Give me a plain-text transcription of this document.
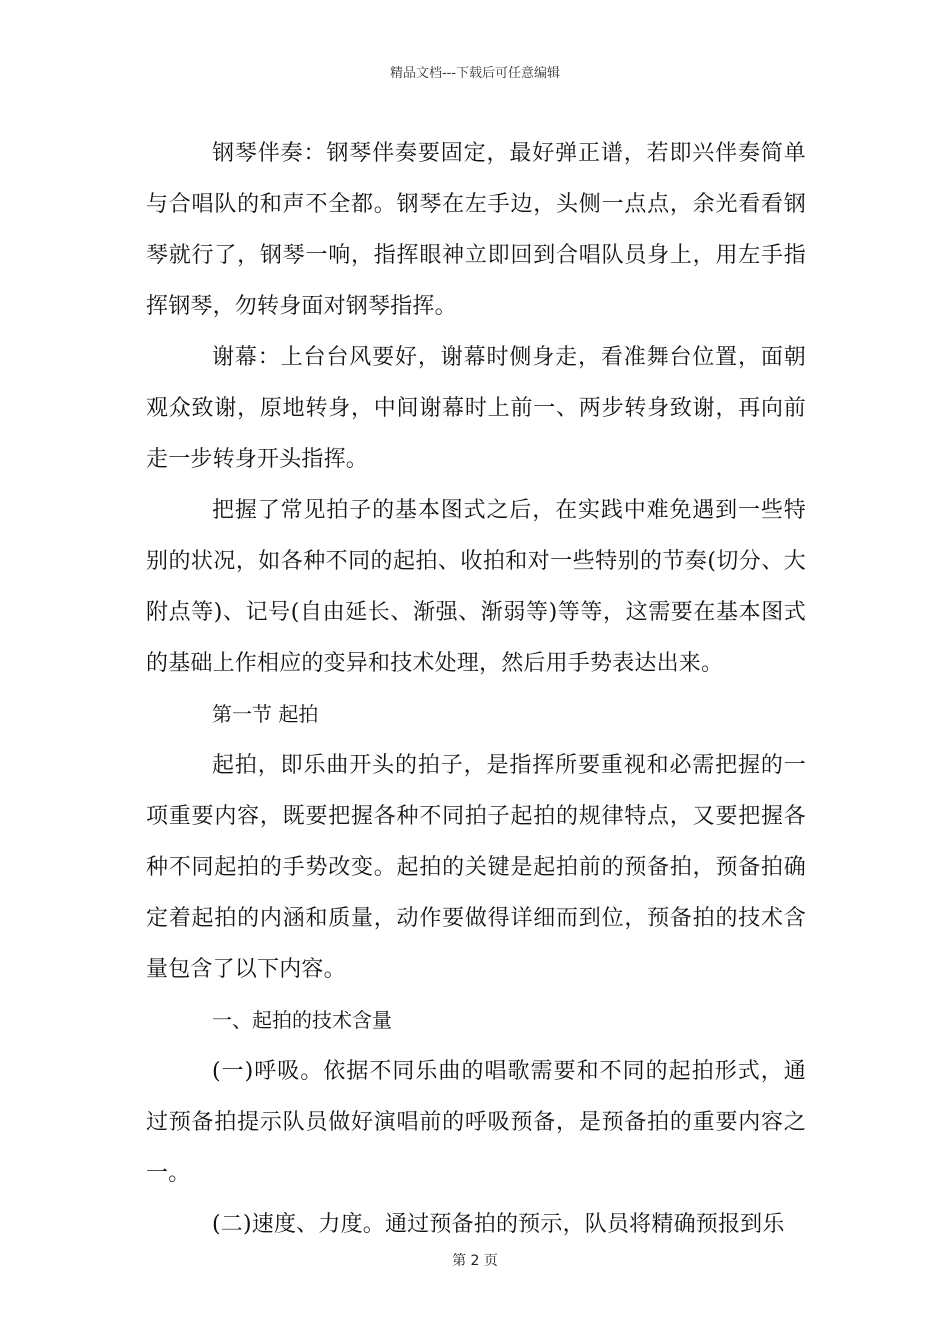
精品文档---下载后可任意编辑

钢琴伴奏：钢琴伴奏要固定，最好弹正谱，若即兴伴奏简单与合唱队的和声不全都。钢琴在左手边，头侧一点点，余光看看钢琴就行了，钢琴一响，指挥眼神立即回到合唱队员身上，用左手指挥钢琴，勿转身面对钢琴指挥。

谢幕：上台台风要好，谢幕时侧身走，看准舞台位置，面朝观众致谢，原地转身，中间谢幕时上前一、两步转身致谢，再向前走一步转身开头指挥。

把握了常见拍子的基本图式之后，在实践中难免遇到一些特别的状况，如各种不同的起拍、收拍和对一些特别的节奏(切分、大附点等)、记号(自由延长、渐强、渐弱等)等等，这需要在基本图式的基础上作相应的变异和技术处理，然后用手势表达出来。

第一节 起拍

起拍，即乐曲开头的拍子，是指挥所要重视和必需把握的一项重要内容，既要把握各种不同拍子起拍的规律特点，又要把握各种不同起拍的手势改变。起拍的关键是起拍前的预备拍，预备拍确定着起拍的内涵和质量，动作要做得详细而到位，预备拍的技术含量包含了以下内容。

一、起拍的技术含量

(一)呼吸。依据不同乐曲的唱歌需要和不同的起拍形式，通过预备拍提示队员做好演唱前的呼吸预备，是预备拍的重要内容之一。

(二)速度、力度。通过预备拍的预示，队员将精确预报到乐

第 2 页
